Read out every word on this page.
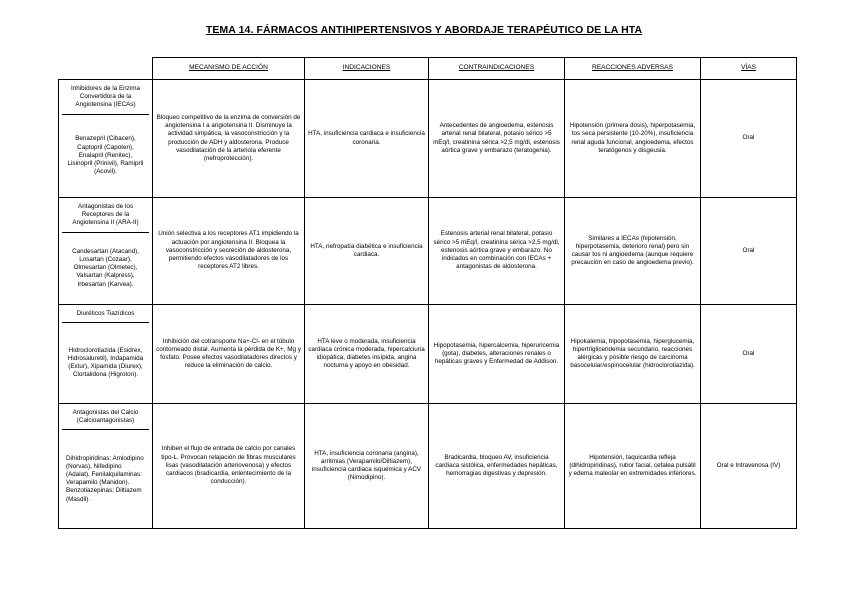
TEMA 14. FÁRMACOS ANTIHIPERTENSIVOS Y ABORDAJE TERAPÉUTICO DE LA HTA
	MECANISMO DE ACCIÓN	INDICACIONES	CONTRAINDICACIONES	REACCIONES ADVERSAS	VÍAS

Inhibidores de la Enzima Convertidora de la Angiotensina (IECAs)
Benazepril (Cibacen), Captopril (Capoten), Enalapril (Renitec), Lisinopril (Prinivil), Ramipril (Acovil).	Bloqueo competitivo de la enzima de conversión de angiotensina I a angiotensina II. Disminuye la actividad simpática, la vasoconstricción y la producción de ADH y aldosterona. Produce vasodilatación de la arteriola eferente (nefroprotección).	HTA, insuficiencia cardiaca e insuficiencia coronaria.	Antecedentes de angioedema, estenosis arterial renal bilateral, potasio sérico >5 mEq/l, creatinina sérica >2,5 mg/dl, estenosis aórtica grave y embarazo (teratogenia).	Hipotensión (primera dosis), hiperpotasemia, tos seca persistente (10-20%), insuficiencia renal aguda funcional, angioedema, efectos teratógenos y disgeusia.	Oral

Antagonistas de los Receptores de la Angiotensina II (ARA-II)
Candesartan (Atacand), Losartan (Cozaar), Olmesartan (Olmetec), Valsartan (Kalpress), Irbesartan (Karvea).	Unión selectiva a los receptores AT1 impidiendo la actuación por angiotensina II. Bloquea la vasoconstricción y secreción de aldosterona, permitiendo efectos vasodilatadores de los receptores AT2 libres.	HTA, nefropatía diabética e insuficiencia cardiaca.	Estenosis arterial renal bilateral, potasio sérico >5 mEq/l, creatinina sérica >2,5 mg/dl, estenosis aórtica grave y embarazo. No indicados en combinación con IECAs + antagonistas de aldosterona.	Similares a IECAs (hipotensión, hiperpotasemia, deterioro renal) pero sin causar tos ni angioedema (aunque requiere precaución en caso de angioedema previo).	Oral

Diuréticos Tiazídicos
Hidroclorotiazida (Esidrex, Hidrosaluretil), Indapamida (Extur), Xipamida (Diurex), Clortalidona (Higroton).	Inhibición del cotransporte Na+-Cl- en el túbulo contorneado distal. Aumenta la pérdida de K+, Mg y fosfato. Posee efectos vasodilatadores directos y reduce la eliminación de calcio.	HTA leve o moderada, insuficiencia cardiaca crónica moderada, hipercalciuria idiopática, diabetes insípida, angina nocturna y apoyo en obesidad.	Hipopotasemia, hipercalcemia, hiperuricemia (gota), diabetes, alteraciones renales o hepáticas graves y Enfermedad de Addison.	Hipokalemia, hipopotasemia, hiperglucemia, hipertrigliceridemia secundario, reacciones alérgicas y posible riesgo de carcinoma basocelular/espinocelular (hidroclorotiazida).	Oral

Antagonistas del Calcio (Calcioantagonistas)
Dihidropiridinas: Amlodipino (Norvas), Nifedipino (Adalat). Fenilalquilaminas: Verapamilo (Manidon). Benzotiazepinas: Diltiazem (Masdil).	Inhiben el flujo de entrada de calcio por canales tipo-L. Provocan relajación de fibras musculares lisas (vasodilatación arteriovenosa) y efectos cardiacos (bradicardia, enlentecimiento de la conducción).	HTA, insuficiencia coronaria (angina), arritmias (Verapamilo/Diltiazem), insuficiencia cardiaca isquémica y ACV (Nimodipino).	Bradicardia, bloqueo AV, insuficiencia cardiaca sistólica, enfermedades hepáticas, hemorragias digestivas y depresión.	Hipotensión, taquicardia refleja (dihidropiridinas), rubor facial, cefalea pulsátil y edema maleolar en extremidades inferiores.	Oral e Intravenosa (IV)
